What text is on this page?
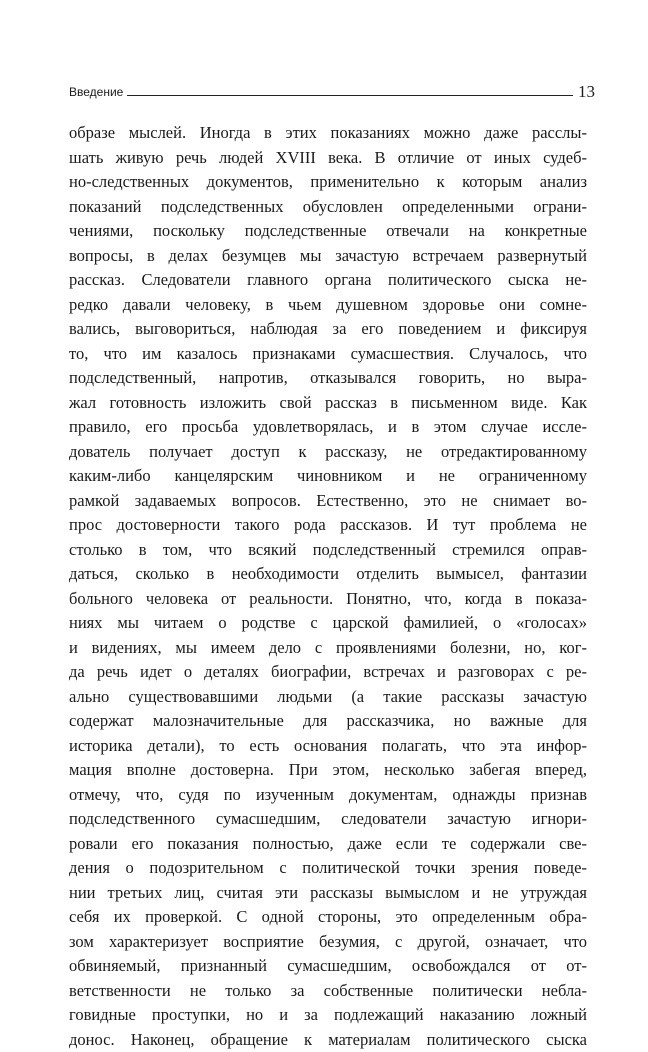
Введение	13
образе мыслей. Иногда в этих показаниях можно даже расслы-
шать живую речь людей XVIII века. В отличие от иных судеб-
но-следственных документов, применительно к которым анализ
показаний подследственных обусловлен определенными ограни-
чениями, поскольку подследственные отвечали на конкретные
вопросы, в делах безумцев мы зачастую встречаем развернутый
рассказ. Следователи главного органа политического сыска не-
редко давали человеку, в чьем душевном здоровье они сомне-
вались, выговориться, наблюдая за его поведением и фиксируя
то, что им казалось признаками сумасшествия. Случалось, что
подследственный, напротив, отказывался говорить, но выра-
жал готовность изложить свой рассказ в письменном виде. Как
правило, его просьба удовлетворялась, и в этом случае иссле-
дователь получает доступ к рассказу, не отредактированному
каким-либо канцелярским чиновником и не ограниченному
рамкой задаваемых вопросов. Естественно, это не снимает во-
прос достоверности такого рода рассказов. И тут проблема не
столько в том, что всякий подследственный стремился оправ-
даться, сколько в необходимости отделить вымысел, фантазии
больного человека от реальности. Понятно, что, когда в показа-
ниях мы читаем о родстве с царской фамилией, о «голосах»
и видениях, мы имеем дело с проявлениями болезни, но, ког-
да речь идет о деталях биографии, встречах и разговорах с ре-
ально существовавшими людьми (а такие рассказы зачастую
содержат малозначительные для рассказчика, но важные для
историка детали), то есть основания полагать, что эта инфор-
мация вполне достоверна. При этом, несколько забегая вперед,
отмечу, что, судя по изученным документам, однажды признав
подследственного сумасшедшим, следователи зачастую игнори-
ровали его показания полностью, даже если те содержали све-
дения о подозрительном с политической точки зрения поведе-
нии третьих лиц, считая эти рассказы вымыслом и не утруждая
себя их проверкой. С одной стороны, это определенным обра-
зом характеризует восприятие безумия, с другой, означает, что
обвиняемый, признанный сумасшедшим, освобождался от от-
ветственности не только за собственные политически неблa-
говидные проступки, но и за подлежащий наказанию ложный
донос. Наконец, обращение к материалам политического сыска
